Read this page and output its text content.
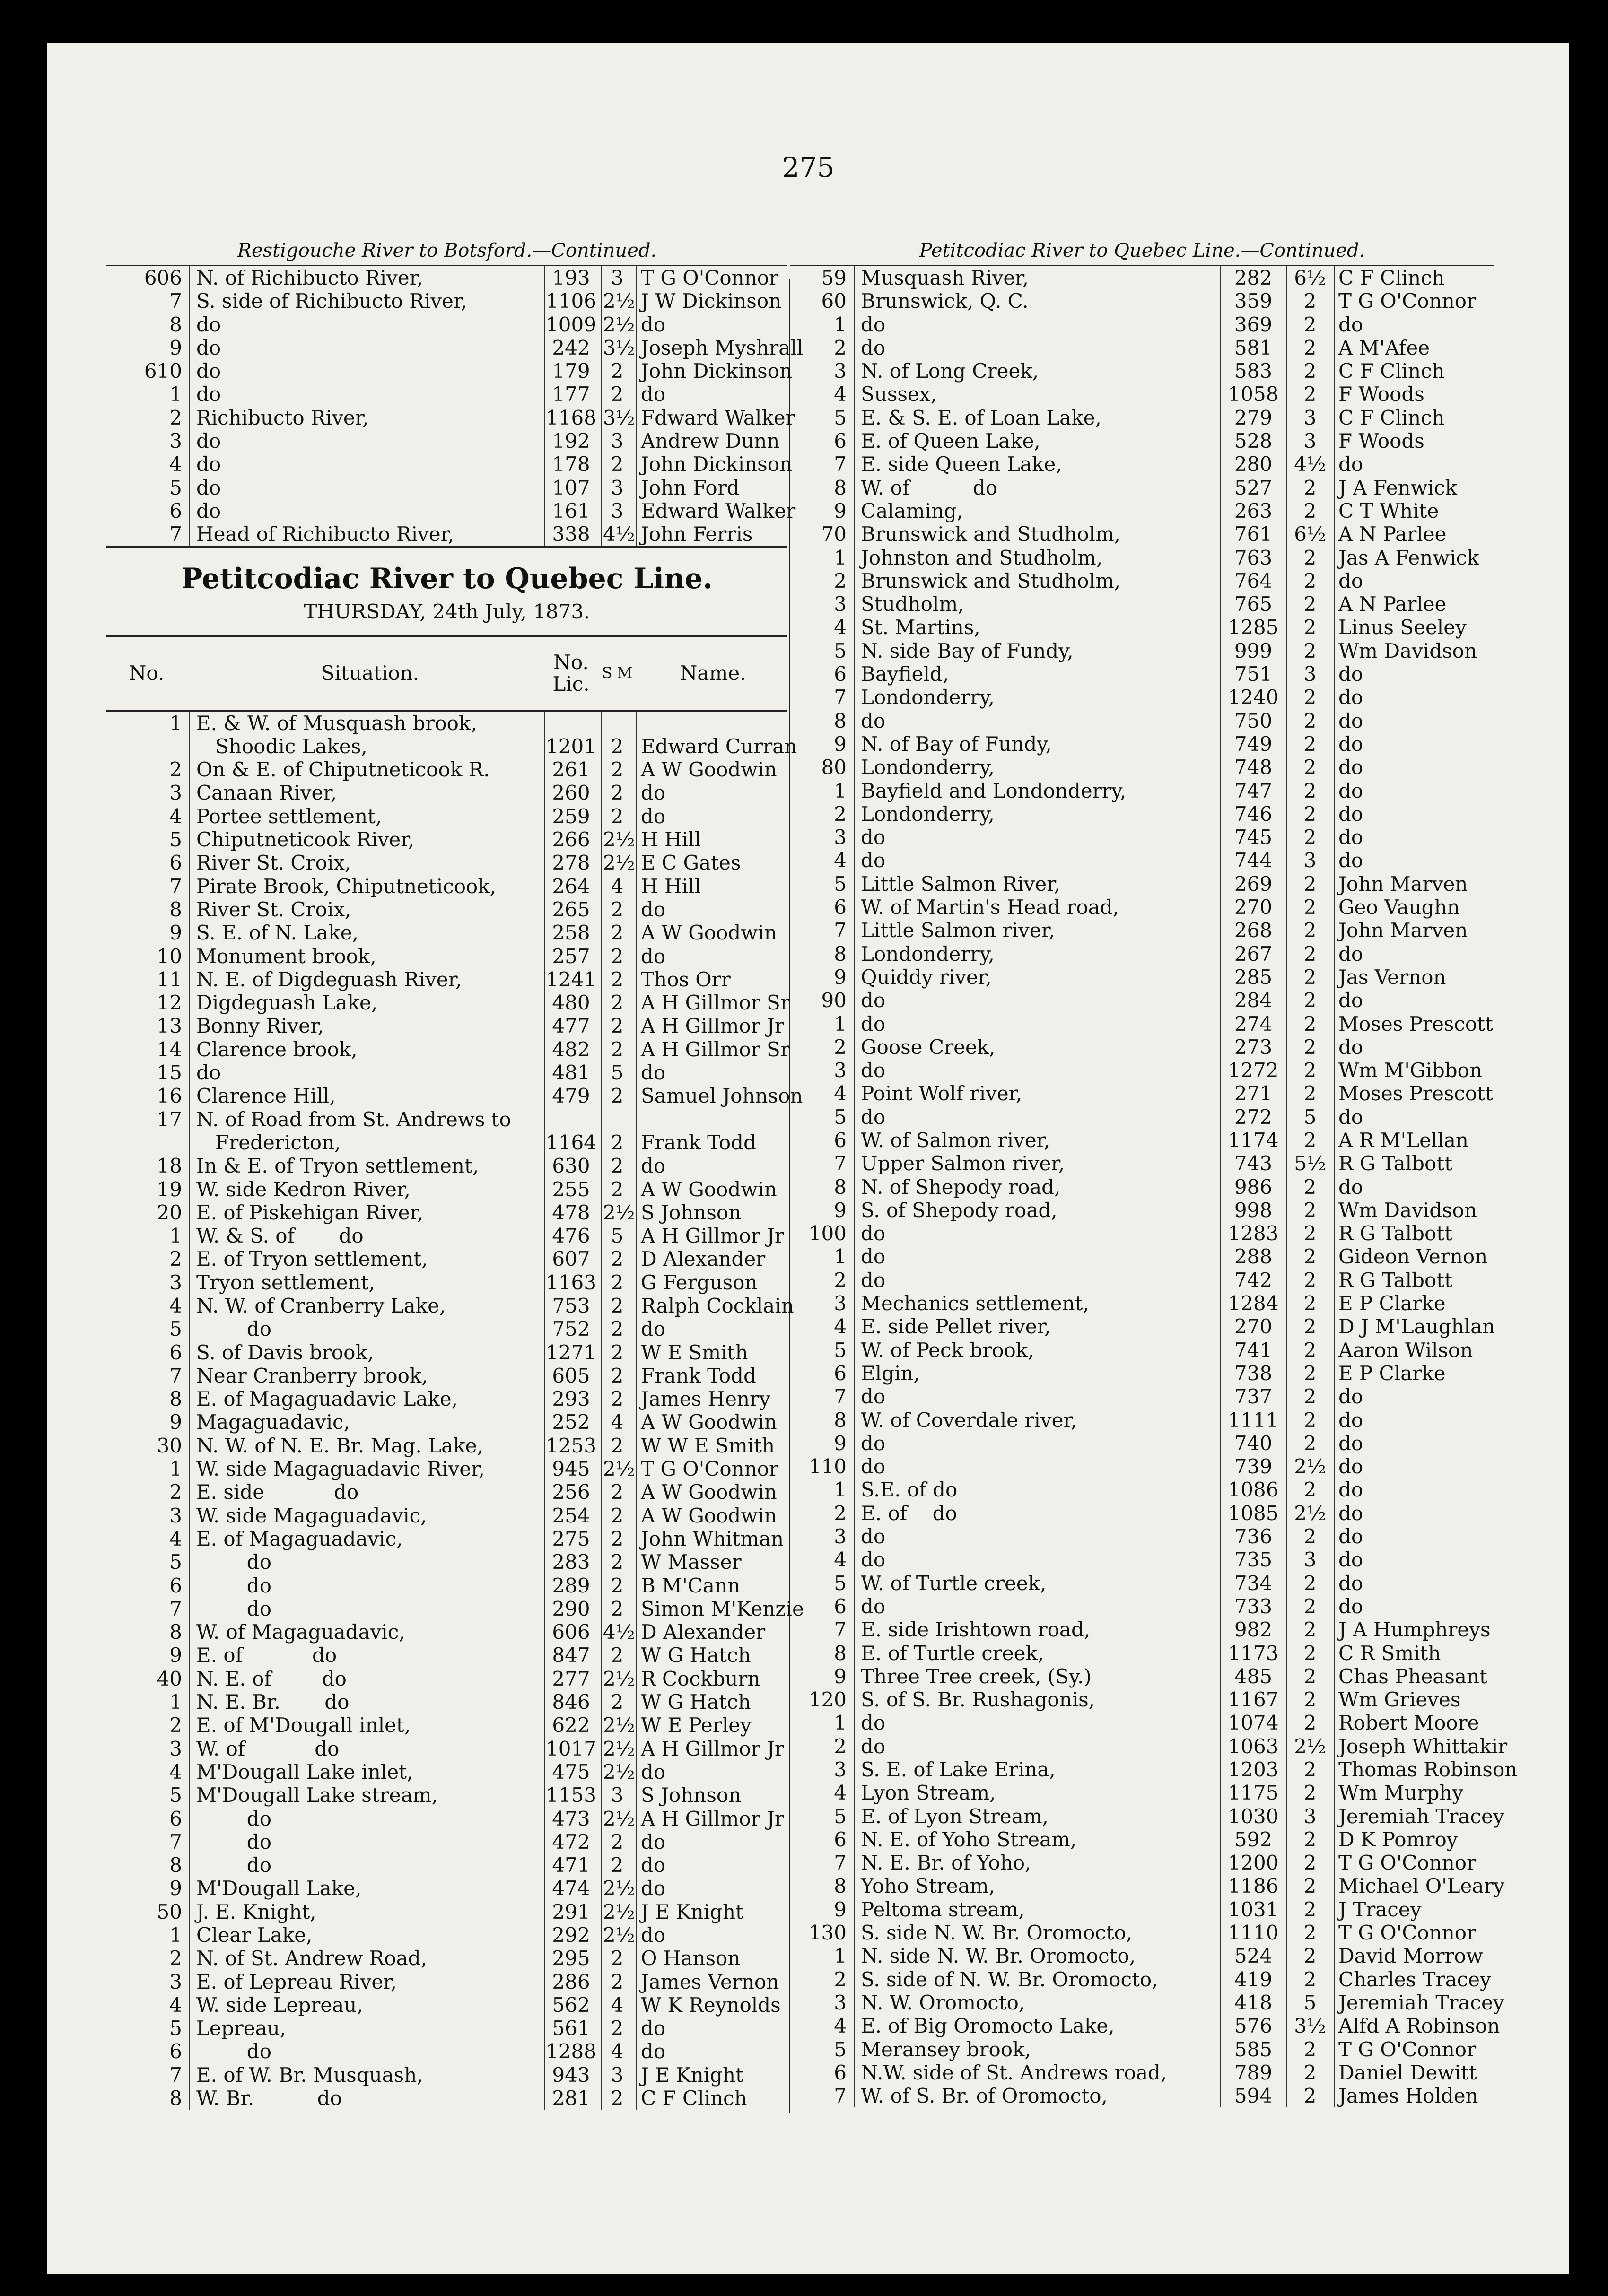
275
Restigouche River to Botsford.—Continued.
606 N. of Richibucto River,	193	3 T G O'Connor
7 S. side of Richibucto River,	1106 2½ J W Dickinson
8 do	1009 2½ do
9 do	242 3½ Joseph Myshrall
610 do	179	2 John Dickinson
1 do	177	2 do
2 Richibucto River,	1168 3½ Fdward Walker
3 do	192	3 Andrew Dunn
4 do	178	2 John Dickinson
5 do	107	3 John Ford
6 do	161	3 Edward Walker
7 Head of Richibucto River,	338 4½ John Ferris
Petitcodiac River to Quebec Line.
THURSDAY, 24th July, 1873.
No.	Situation.	No. Lic. S M	Name.
1 E. & W. of Musquash brook,
Shoodic Lakes,	1201 2 Edward Curran
2 On & E. of Chiputneticook R.	261	2 A W Goodwin
3 Canaan River,	260	2 do
4 Portee settlement,	259	2 do
5 Chiputneticook River,	266 2½ H Hill
6 River St. Croix,	278 2½ E C Gates
7 Pirate Brook, Chiputneticook,	264	4 H Hill
8 River St. Croix,	265	2 do
9 S. E. of N. Lake,	258	2 A W Goodwin
10 Monument brook,	257	2 do
11 N. E. of Digdeguash River,	1241 2 Thos Orr
12 Digdeguash Lake,	480	2 A H Gillmor Sr
13 Bonny River,	477	2 A H Gillmor Jr
14 Clarence brook,	482	2 A H Gillmor Sr
15 do	481	5 do
16 Clarence Hill,	479	2 Samuel Johnson
17 N. of Road from St. Andrews to
Fredericton,	1164 2 Frank Todd
18 In & E. of Tryon settlement,	630	2 do
19 W. side Kedron River,	255	2 A W Goodwin
20 E. of Piskehigan River,	478 2½ S Johnson
1 W. & S. of       do	476	5 A H Gillmor Jr
2 E. of Tryon settlement,	607	2 D Alexander
3 Tryon settlement,	1163 2 G Ferguson
4 N. W. of Cranberry Lake,	753	2 Ralph Cocklain
5 do	752	2 do
6 S. of Davis brook,	1271 2 W E Smith
7 Near Cranberry brook,	605	2 Frank Todd
8 E. of Magaguadavic Lake,	293	2 James Henry
9 Magaguadavic,	252	4 A W Goodwin
30 N. W. of N. E. Br. Mag. Lake,	1253 2 W W E Smith
1 W. side Magaguadavic River,	945 2½ T G O'Connor
2 E. side           do	256	2 A W Goodwin
3 W. side Magaguadavic,	254	2 A W Goodwin
4 E. of Magaguadavic,	275	2 John Whitman
5 do	283	2 W Masser
6 do	289	2 B M'Cann
7 do	290	2 Simon M'Kenzie
8 W. of Magaguadavic,	606 4½ D Alexander
9 E. of           do	847	2 W G Hatch
40 N. E. of        do	277 2½ R Cockburn
1 N. E. Br.       do	846	2 W G Hatch
2 E. of M'Dougall inlet,	622 2½ W E Perley
3 W. of           do	1017 2½ A H Gillmor Jr
4 M'Dougall Lake inlet,	475 2½ do
5 M'Dougall Lake stream,	1153 3 S Johnson
6 do	473 2½ A H Gillmor Jr
7 do	472	2 do
8 do	471	2 do
9 M'Dougall Lake,	474 2½ do
50 J. E. Knight,	291 2½ J E Knight
1 Clear Lake,	292 2½ do
2 N. of St. Andrew Road,	295	2 O Hanson
3 E. of Lepreau River,	286	2 James Vernon
4 W. side Lepreau,	562	4 W K Reynolds
5 Lepreau,	561	2 do
6 do	1288 4 do
7 E. of W. Br. Musquash,	943	3 J E Knight
8 W. Br.          do	281	2 C F Clinch
Petitcodiac River to Quebec Line.—Continued.
59 Musquash River,	282	6½ C F Clinch
60 Brunswick, Q. C.	359	2	T G O'Connor
1 do	369	2	do
2 do	581	2	A M'Afee
3 N. of Long Creek,	583	2	C F Clinch
4 Sussex,	1058	2	F Woods
5 E. & S. E. of Loan Lake,	279	3	C F Clinch
6 E. of Queen Lake,	528	3	F Woods
7 E. side Queen Lake,	280	4½ do
8 W. of          do	527	2	J A Fenwick
9 Calaming,	263	2	C T White
70 Brunswick and Studholm,	761	6½ A N Parlee
1 Johnston and Studholm,	763	2	Jas A Fenwick
2 Brunswick and Studholm,	764	2	do
3 Studholm,	765	2	A N Parlee
4 St. Martins,	1285	2	Linus Seeley
5 N. side Bay of Fundy,	999	2	Wm Davidson
6 Bayfield,	751	3	do
7 Londonderry,	1240	2	do
8 do	750	2	do
9 N. of Bay of Fundy,	749	2	do
80 Londonderry,	748	2	do
1 Bayfield and Londonderry,	747	2	do
2 Londonderry,	746	2	do
3 do	745	2	do
4 do	744	3	do
5 Little Salmon River,	269	2	John Marven
6 W. of Martin's Head road,	270	2	Geo Vaughn
7 Little Salmon river,	268	2	John Marven
8 Londonderry,	267	2	do
9 Quiddy river,	285	2	Jas Vernon
90 do	284	2	do
1 do	274	2	Moses Prescott
2 Goose Creek,	273	2	do
3 do	1272	2	Wm M'Gibbon
4 Point Wolf river,	271	2	Moses Prescott
5 do	272	5	do
6 W. of Salmon river,	1174	2	A R M'Lellan
7 Upper Salmon river,	743	5½ R G Talbott
8 N. of Shepody road,	986	2	do
9 S. of Shepody road,	998	2	Wm Davidson
100 do	1283	2	R G Talbott
1 do	288	2	Gideon Vernon
2 do	742	2	R G Talbott
3 Mechanics settlement,	1284	2	E P Clarke
4 E. side Pellet river,	270	2	D J M'Laughlan
5 W. of Peck brook,	741	2	Aaron Wilson
6 Elgin,	738	2	E P Clarke
7 do	737	2	do
8 W. of Coverdale river,	1111	2	do
9 do	740	2	do
110 do	739	2½ do
1 S.E. of do	1086	2	do
2 E. of    do	1085 2½ do
3 do	736	2	do
4 do	735	3	do
5 W. of Turtle creek,	734	2	do
6 do	733	2	do
7 E. side Irishtown road,	982	2	J A Humphreys
8 E. of Turtle creek,	1173	2	C R Smith
9 Three Tree creek, (Sy.)	485	2	Chas Pheasant
120 S. of S. Br. Rushagonis,	1167	2	Wm Grieves
1 do	1074	2	Robert Moore
2 do	1063 2½ Joseph Whittakir
3 S. E. of Lake Erina,	1203	2	Thomas Robinson
4 Lyon Stream,	1175	2	Wm Murphy
5 E. of Lyon Stream,	1030	3	Jeremiah Tracey
6 N. E. of Yoho Stream,	592	2	D K Pomroy
7 N. E. Br. of Yoho,	1200	2	T G O'Connor
8 Yoho Stream,	1186	2	Michael O'Leary
9 Peltoma stream,	1031	2	J Tracey
130 S. side N. W. Br. Oromocto,	1110	2	T G O'Connor
1 N. side N. W. Br. Oromocto,	524	2	David Morrow
2 S. side of N. W. Br. Oromocto,	419	2	Charles Tracey
3 N. W. Oromocto,	418	5	Jeremiah Tracey
4 E. of Big Oromocto Lake,	576	3½ Alfd A Robinson
5 Meransey brook,	585	2	T G O'Connor
6 N.W. side of St. Andrews road,	789	2	Daniel Dewitt
7 W. of S. Br. of Oromocto,	594	2	James Holden
